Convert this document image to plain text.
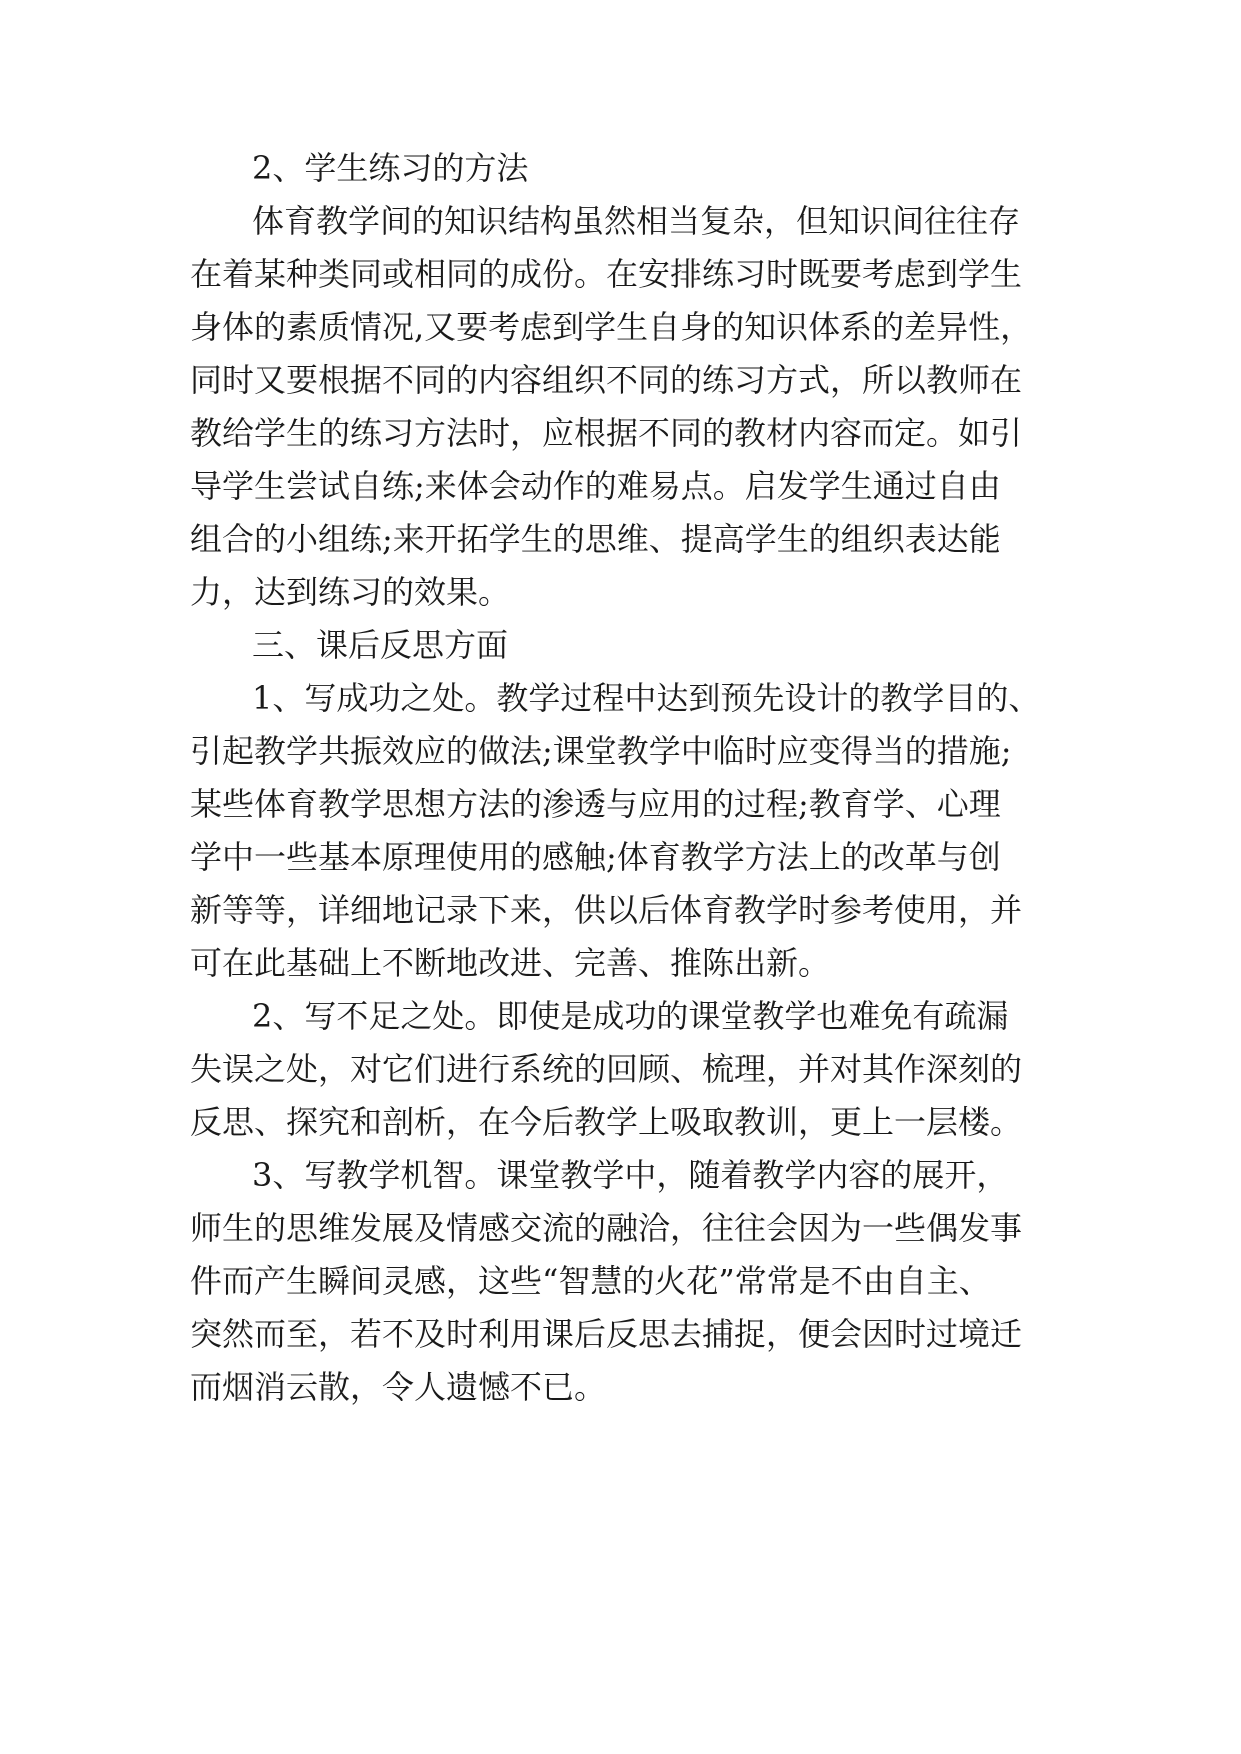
2、学生练习的方法

体育教学间的知识结构虽然相当复杂，但知识间往往存

在着某种类同或相同的成份。在安排练习时既要考虑到学生

身体的素质情况,又要考虑到学生自身的知识体系的差异性，

同时又要根据不同的内容组织不同的练习方式，所以教师在

教给学生的练习方法时，应根据不同的教材内容而定。如引

导学生尝试自练;来体会动作的难易点。启发学生通过自由

组合的小组练;来开拓学生的思维、提高学生的组织表达能

力，达到练习的效果。

三、课后反思方面

1、写成功之处。教学过程中达到预先设计的教学目的、

引起教学共振效应的做法;课堂教学中临时应变得当的措施;

某些体育教学思想方法的渗透与应用的过程;教育学、心理

学中一些基本原理使用的感触;体育教学方法上的改革与创

新等等，详细地记录下来，供以后体育教学时参考使用，并

可在此基础上不断地改进、完善、推陈出新。

2、写不足之处。即使是成功的课堂教学也难免有疏漏

失误之处，对它们进行系统的回顾、梳理，并对其作深刻的

反思、探究和剖析，在今后教学上吸取教训，更上一层楼。

3、写教学机智。课堂教学中，随着教学内容的展开，

师生的思维发展及情感交流的融洽，往往会因为一些偶发事

件而产生瞬间灵感，这些“智慧的火花”常常是不由自主、

突然而至，若不及时利用课后反思去捕捉，便会因时过境迁

而烟消云散，令人遗憾不已。
